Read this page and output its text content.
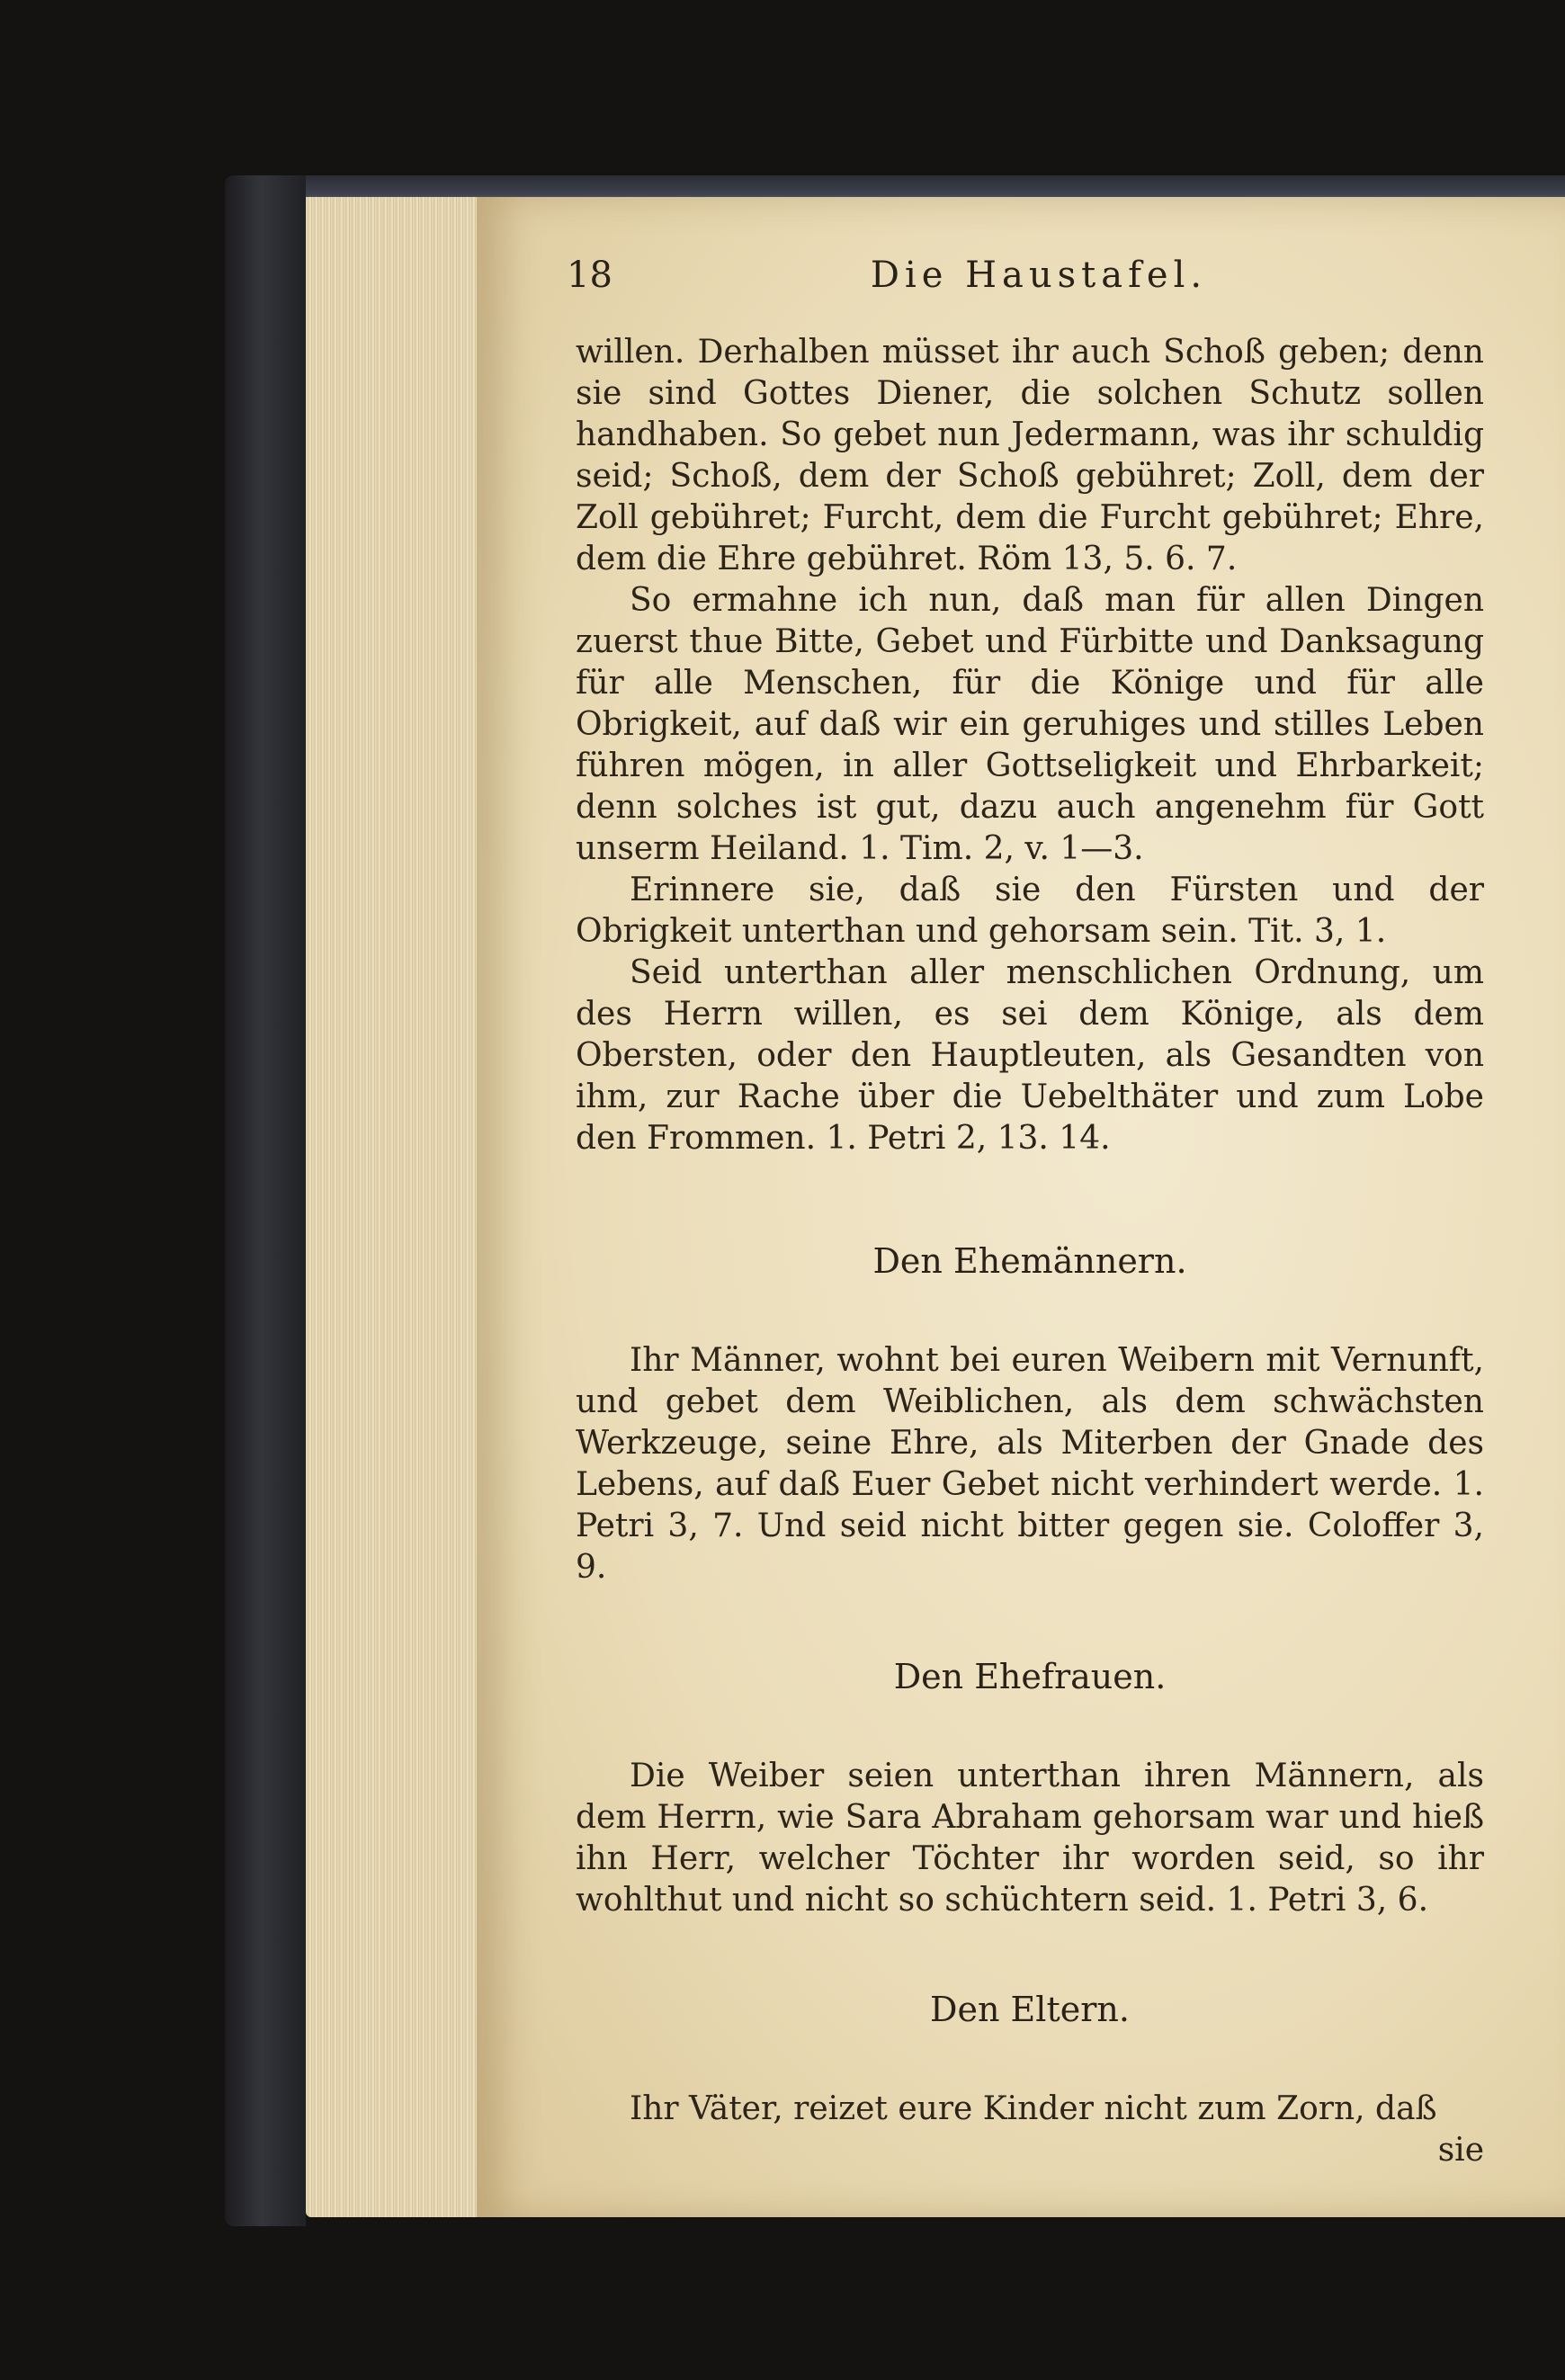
18	Die Haustafel.

willen. Derhalben müsset ihr auch Schoß geben; denn sie sind Gottes Diener, die solchen Schutz sollen handhaben. So gebet nun Jedermann, was ihr schuldig seid; Schoß, dem der Schoß gebühret; Zoll, dem der Zoll gebühret; Furcht, dem die Furcht gebühret; Ehre, dem die Ehre gebühret. Röm 13, 5. 6. 7.

So ermahne ich nun, daß man für allen Dingen zuerst thue Bitte, Gebet und Fürbitte und Danksagung für alle Menschen, für die Könige und für alle Obrigkeit, auf daß wir ein geruhiges und stilles Leben führen mögen, in aller Gottseligkeit und Ehrbarkeit; denn solches ist gut, dazu auch angenehm für Gott unserm Heiland. 1. Tim. 2, v. 1—3.

Erinnere sie, daß sie den Fürsten und der Obrigkeit unterthan und gehorsam sein. Tit. 3, 1.

Seid unterthan aller menschlichen Ordnung, um des Herrn willen, es sei dem Könige, als dem Obersten, oder den Hauptleuten, als Gesandten von ihm, zur Rache über die Uebelthäter und zum Lobe den Frommen. 1. Petri 2, 13. 14.

Den Ehemännern.

Ihr Männer, wohnt bei euren Weibern mit Vernunft, und gebet dem Weiblichen, als dem schwächsten Werkzeuge, seine Ehre, als Miterben der Gnade des Lebens, auf daß Euer Gebet nicht verhindert werde. 1. Petri 3, 7. Und seid nicht bitter gegen sie. Coloffer 3, 9.

Den Ehefrauen.

Die Weiber seien unterthan ihren Männern, als dem Herrn, wie Sara Abraham gehorsam war und hieß ihn Herr, welcher Töchter ihr worden seid, so ihr wohlthut und nicht so schüchtern seid. 1. Petri 3, 6.

Den Eltern.

Ihr Väter, reizet eure Kinder nicht zum Zorn, daß

sie
